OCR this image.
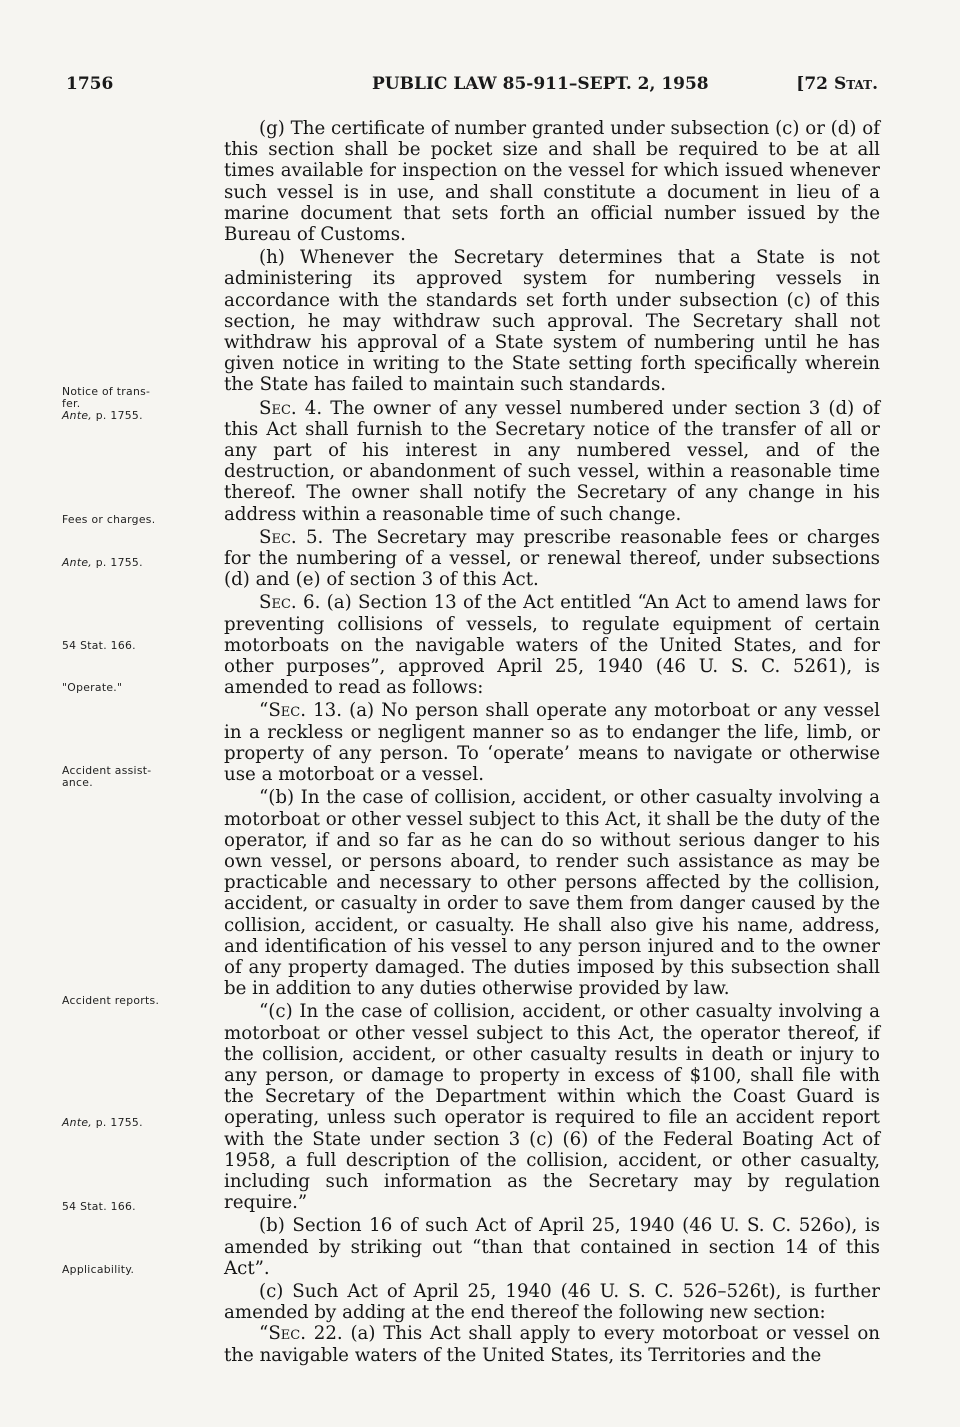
1756	PUBLIC LAW 85-911–SEPT. 2, 1958	[72 Stat.
Notice of trans-
fer.
Ante, p. 1755.
Fees or charges.
Ante, p. 1755.
54 Stat. 166.
"Operate."
Accident assist-
ance.
Accident reports.
Ante, p. 1755.
54 Stat. 166.
Applicability.

(g) The certificate of number granted under subsection (c) or (d) of this section shall be pocket size and shall be required to be at all times available for inspection on the vessel for which issued whenever such vessel is in use, and shall constitute a document in lieu of a marine document that sets forth an official number issued by the Bureau of Customs.

(h) Whenever the Secretary determines that a State is not administering its approved system for numbering vessels in accordance with the standards set forth under subsection (c) of this section, he may withdraw such approval. The Secretary shall not withdraw his approval of a State system of numbering until he has given notice in writing to the State setting forth specifically wherein the State has failed to maintain such standards.

Sec. 4. The owner of any vessel numbered under section 3 (d) of this Act shall furnish to the Secretary notice of the transfer of all or any part of his interest in any numbered vessel, and of the destruction, or abandonment of such vessel, within a reasonable time thereof. The owner shall notify the Secretary of any change in his address within a reasonable time of such change.

Sec. 5. The Secretary may prescribe reasonable fees or charges for the numbering of a vessel, or renewal thereof, under subsections (d) and (e) of section 3 of this Act.

Sec. 6. (a) Section 13 of the Act entitled “An Act to amend laws for preventing collisions of vessels, to regulate equipment of certain motorboats on the navigable waters of the United States, and for other purposes”, approved April 25, 1940 (46 U. S. C. 5261), is amended to read as follows:

“Sec. 13. (a) No person shall operate any motorboat or any vessel in a reckless or negligent manner so as to endanger the life, limb, or property of any person. To ‘operate’ means to navigate or otherwise use a motorboat or a vessel.

“(b) In the case of collision, accident, or other casualty involving a motorboat or other vessel subject to this Act, it shall be the duty of the operator, if and so far as he can do so without serious danger to his own vessel, or persons aboard, to render such assistance as may be practicable and necessary to other persons affected by the collision, accident, or casualty in order to save them from danger caused by the collision, accident, or casualty. He shall also give his name, address, and identification of his vessel to any person injured and to the owner of any property damaged. The duties imposed by this subsection shall be in addition to any duties otherwise provided by law.

“(c) In the case of collision, accident, or other casualty involving a motorboat or other vessel subject to this Act, the operator thereof, if the collision, accident, or other casualty results in death or injury to any person, or damage to property in excess of $100, shall file with the Secretary of the Department within which the Coast Guard is operating, unless such operator is required to file an accident report with the State under section 3 (c) (6) of the Federal Boating Act of 1958, a full description of the collision, accident, or other casualty, including such information as the Secretary may by regulation require.”

(b) Section 16 of such Act of April 25, 1940 (46 U. S. C. 526o), is amended by striking out “than that contained in section 14 of this Act”.

(c) Such Act of April 25, 1940 (46 U. S. C. 526–526t), is further amended by adding at the end thereof the following new section:

“Sec. 22. (a) This Act shall apply to every motorboat or vessel on the navigable waters of the United States, its Territories and the
